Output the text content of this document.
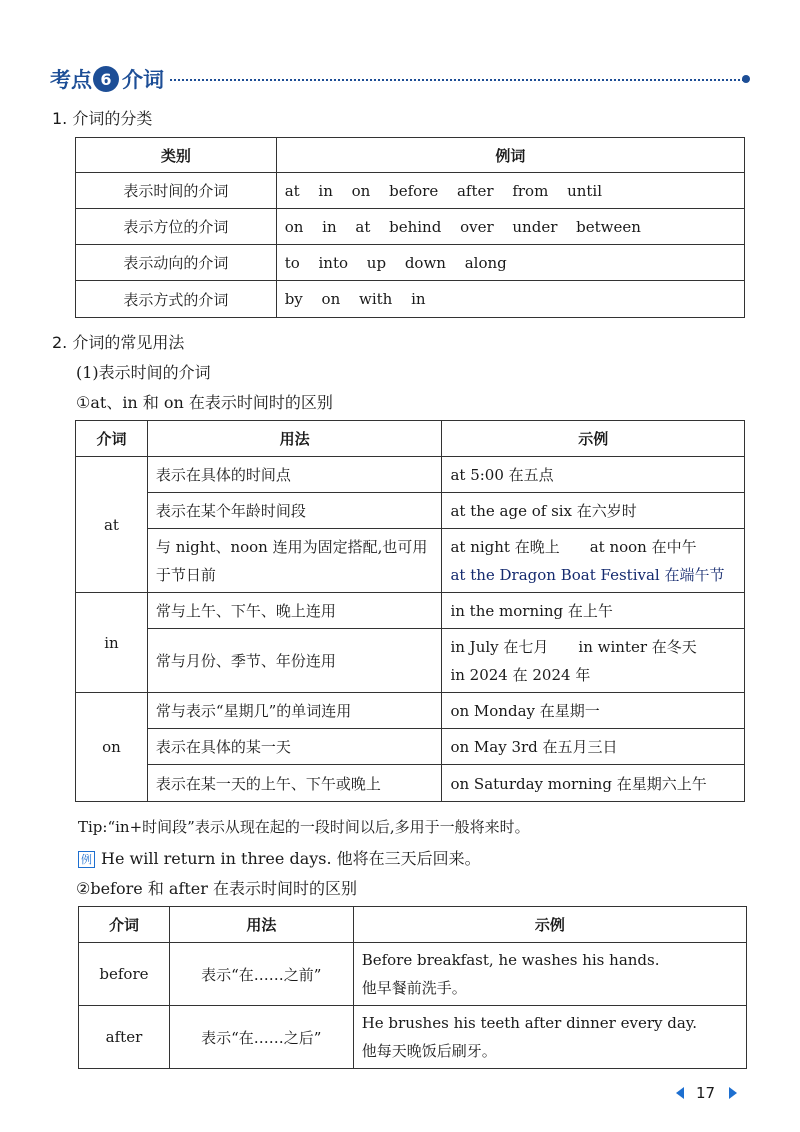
考点 6 介词
1. 介词的分类
类别	例词
表示时间的介词	at in on before after from until
表示方位的介词	on in at behind over under between
表示动向的介词	to into up down along
表示方式的介词	by on with in
2. 介词的常见用法
(1)表示时间的介词
①at、in 和 on 在表示时间时的区别
介词	用法	示例
at	表示在具体的时间点	at 5:00 在五点
	表示在某个年龄时间段	at the age of six 在六岁时
	与 night、noon 连用为固定搭配,也可用于节日前	at night 在晚上　　at noon 在中午
at the Dragon Boat Festival 在端午节

in	常与上午、下午、晚上连用	in the morning 在上午
	常与月份、季节、年份连用	in July 在七月　　in winter 在冬天
in 2024 在 2024 年

on	常与表示“星期几”的单词连用	on Monday 在星期一
	表示在具体的某一天	on May 3rd 在五月三日
	表示在某一天的上午、下午或晚上	on Saturday morning 在星期六上午
Tip:“in+时间段”表示从现在起的一段时间以后,多用于一般将来时。
例 He will return in three days. 他将在三天后回来。
②before 和 after 在表示时间时的区别
介词	用法	示例
before	表示“在……之前”	Before breakfast, he washes his hands.
他早餐前洗手。

after	表示“在……之后”	He brushes his teeth after dinner every day.
他每天晚饭后刷牙。
17
